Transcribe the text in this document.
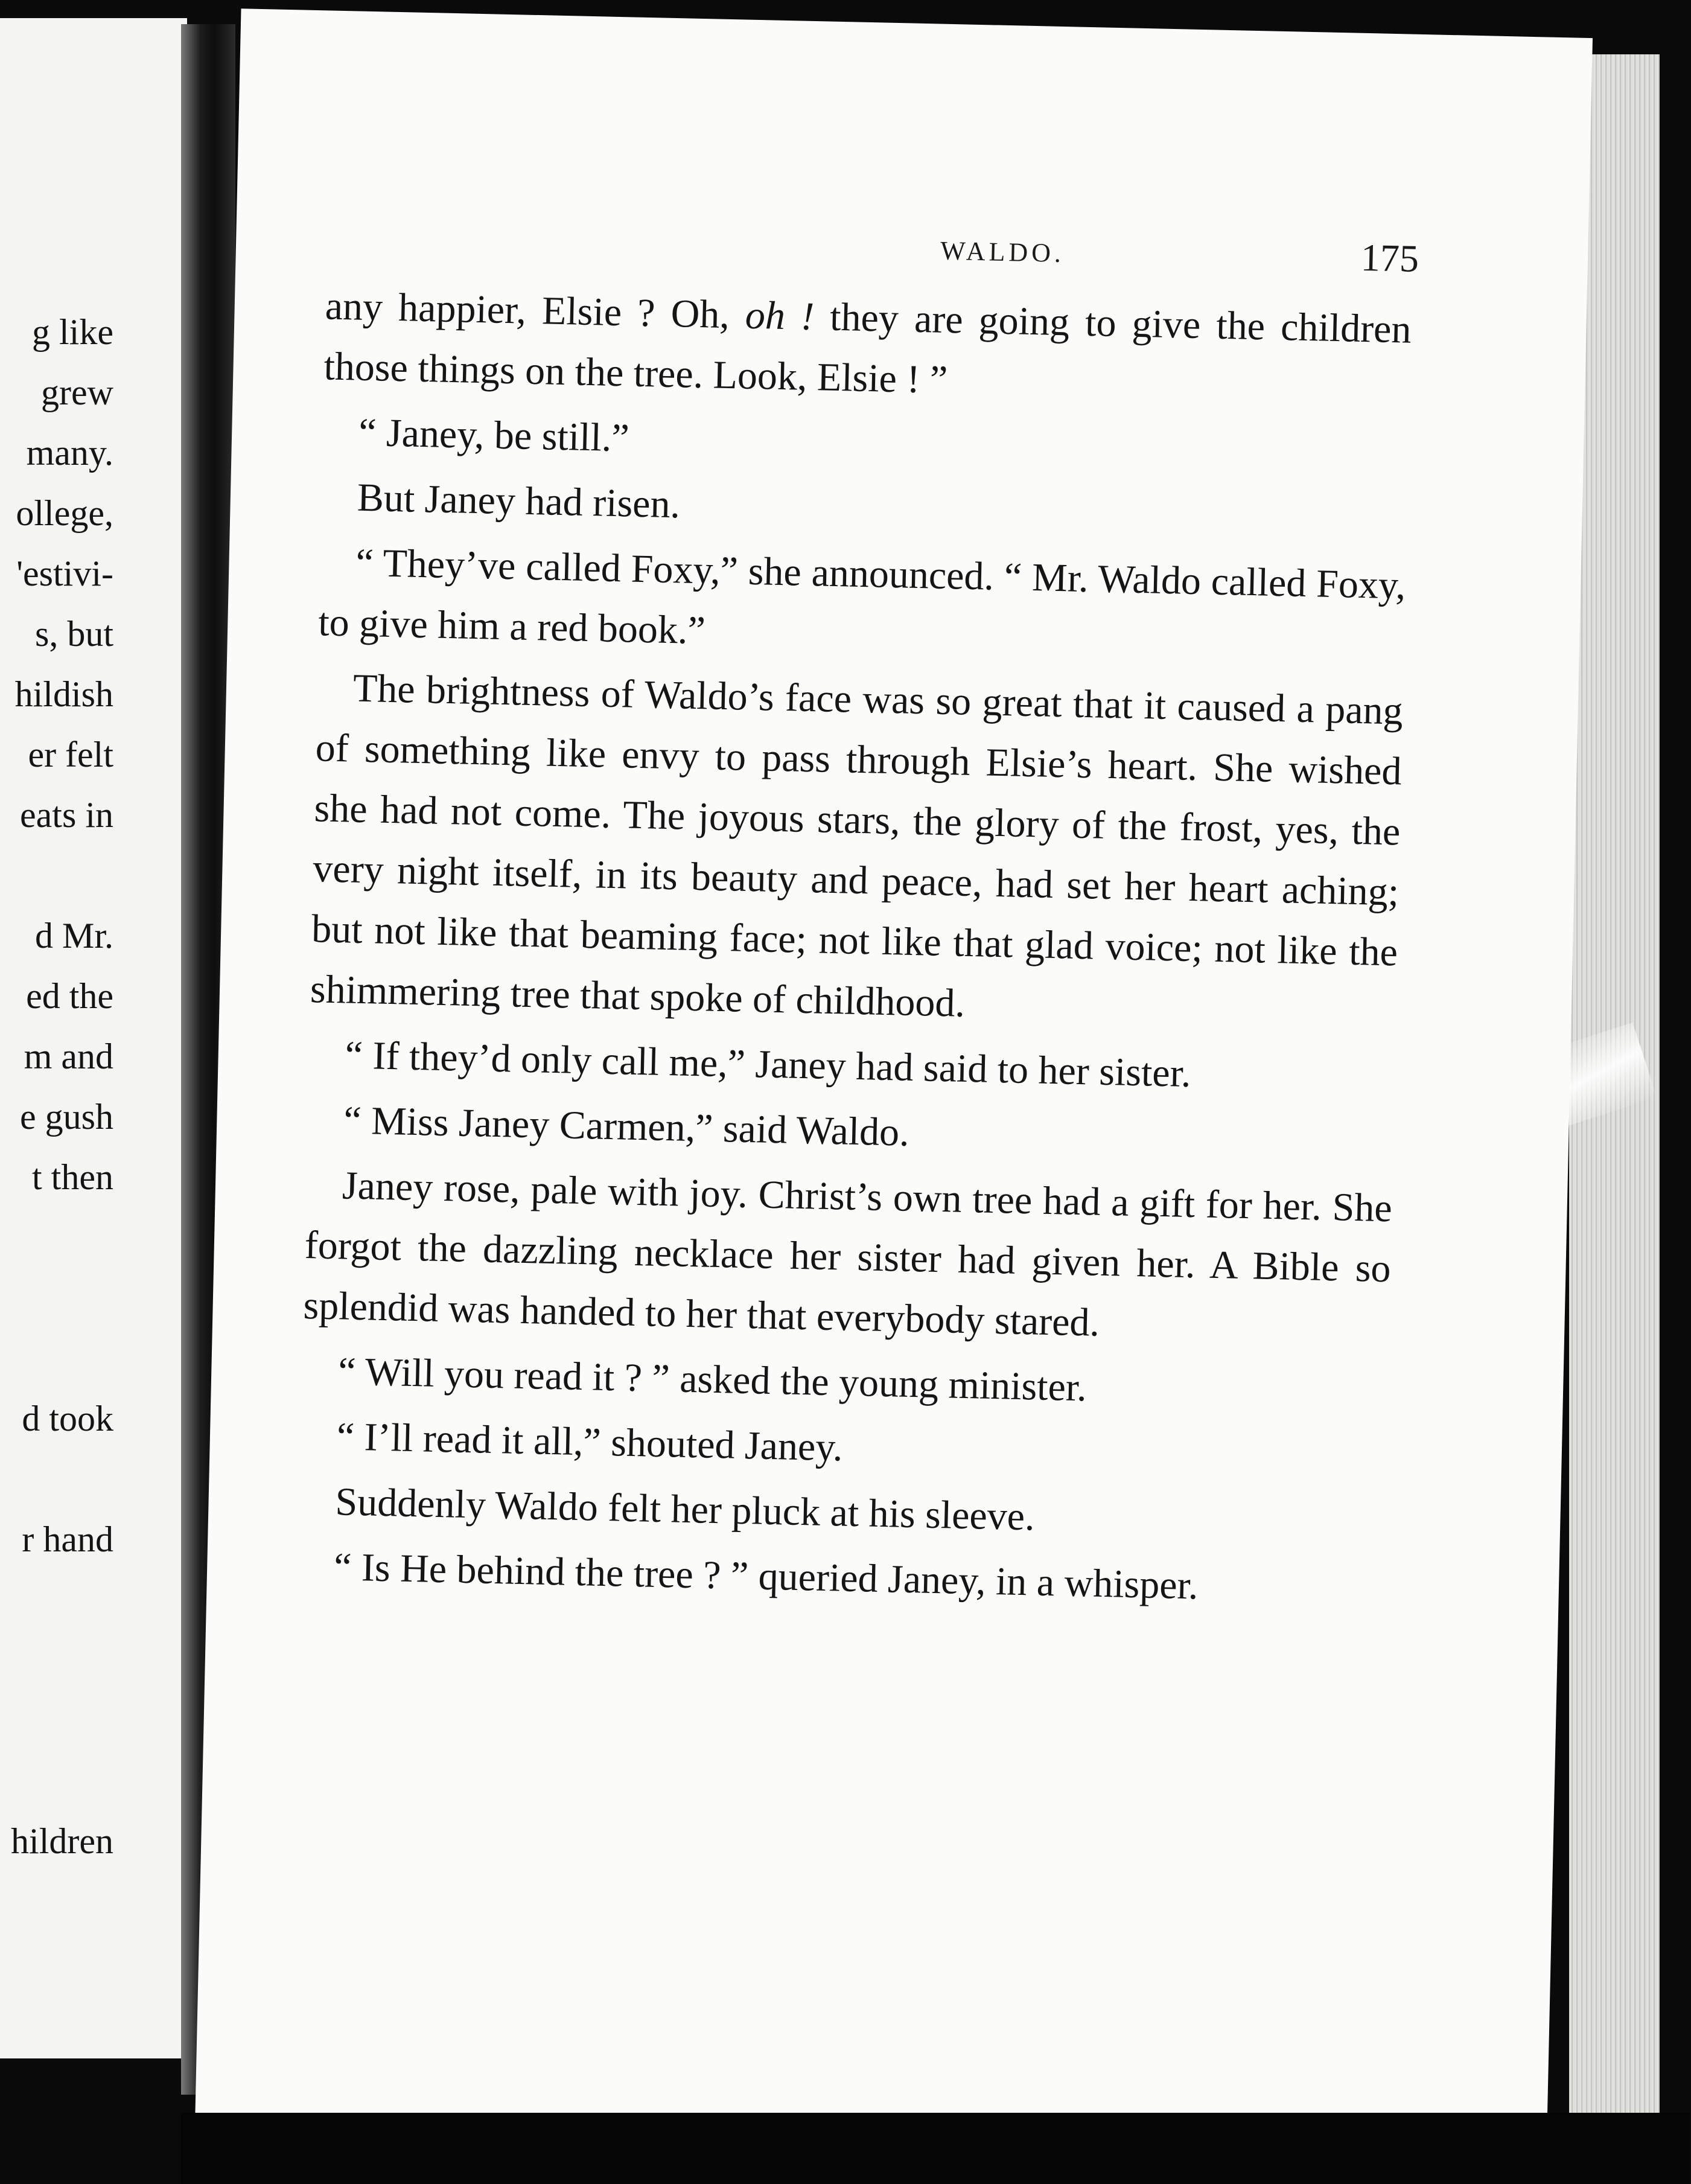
g like
grew
many.
ollege,
'estivi-
s, but
hildish
er felt
eats in
d Mr.
ed the
m and
e gush
t then
d took
r hand
hildren
WALDO.	175

any happier, Elsie ? Oh, oh ! they are going to give the children those things on the tree. Look, Elsie ! ”

“ Janey, be still.”

But Janey had risen.

“ They’ve called Foxy,” she announced. “ Mr. Waldo called Foxy, to give him a red book.”

The brightness of Waldo’s face was so great that it caused a pang of something like envy to pass through Elsie’s heart. She wished she had not come. The joyous stars, the glory of the frost, yes, the very night itself, in its beauty and peace, had set her heart aching; but not like that beaming face; not like that glad voice; not like the shimmering tree that spoke of childhood.

“ If they’d only call me,” Janey had said to her sister.

“ Miss Janey Carmen,” said Waldo.

Janey rose, pale with joy. Christ’s own tree had a gift for her. She forgot the dazzling necklace her sister had given her. A Bible so splendid was handed to her that everybody stared.

“ Will you read it ? ” asked the young minister.

“ I’ll read it all,” shouted Janey.

Suddenly Waldo felt her pluck at his sleeve.

“ Is He behind the tree ? ” queried Janey, in a whisper.
